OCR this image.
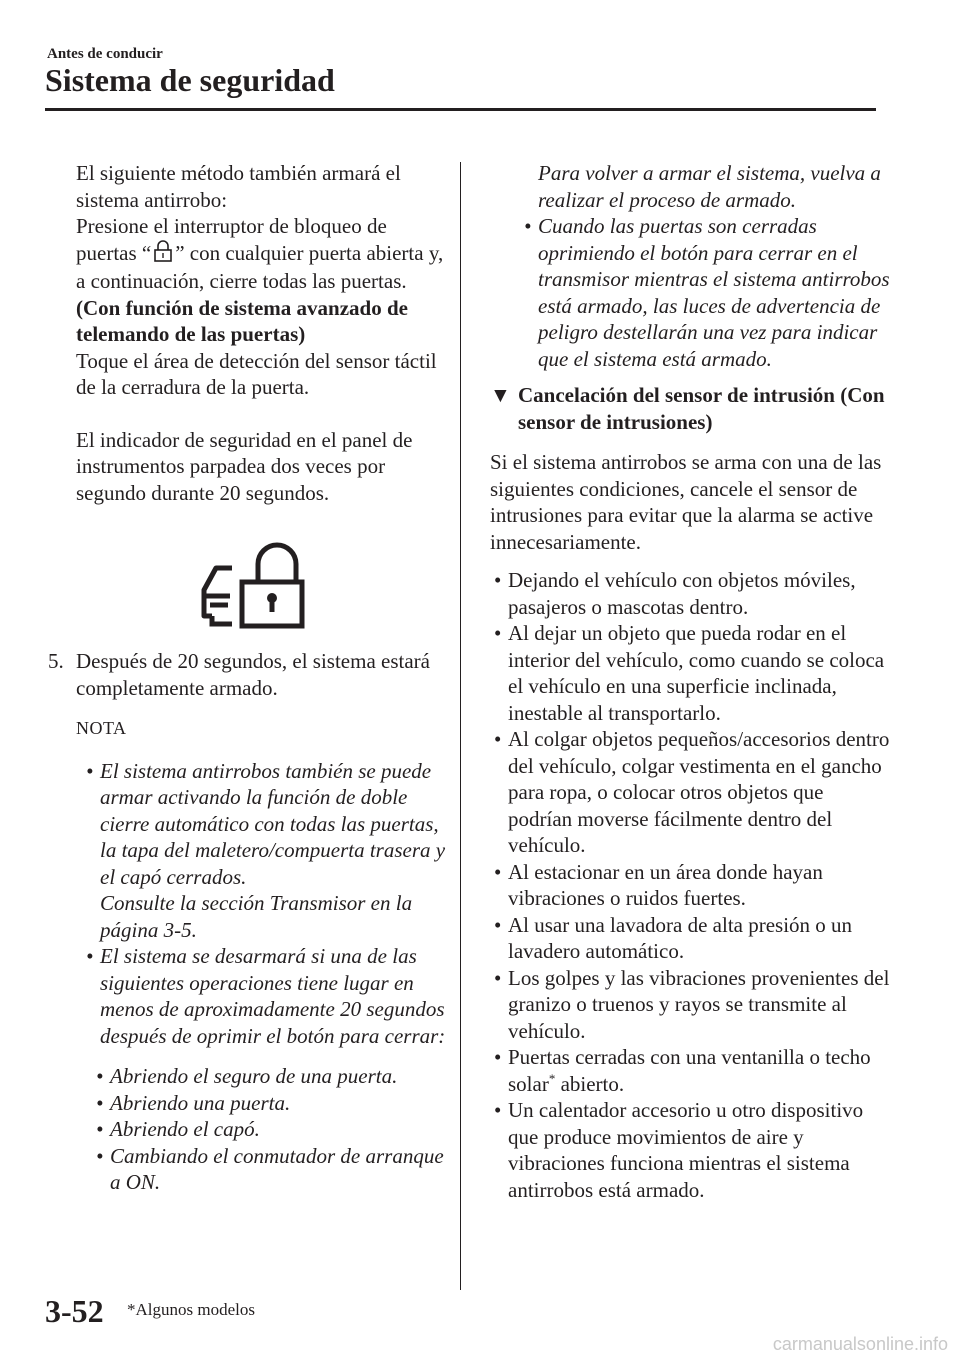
Antes de conducir
Sistema de seguridad

El siguiente método también armará el sistema antirrobo:

Presione el interruptor de bloqueo de puertas “ ” con cualquier puerta abierta y, a continuación, cierre todas las puertas.

(Con función de sistema avanzado de telemando de las puertas)

Toque el área de detección del sensor táctil de la cerradura de la puerta.

El indicador de seguridad en el panel de instrumentos parpadea dos veces por segundo durante 20 segundos.

5. Después de 20 segundos, el sistema estará completamente armado.

NOTA

• El sistema antirrobos también se puede armar activando la función de doble cierre automático con todas las puertas, la tapa del maletero/compuerta trasera y el capó cerrados.

Consulte la sección Transmisor en la página 3-5.

• El sistema se desarmará si una de las siguientes operaciones tiene lugar en menos de aproximadamente 20 segundos después de oprimir el botón para cerrar:

• Abriendo el seguro de una puerta.
• Abriendo una puerta.
• Abriendo el capó.
• Cambiando el conmutador de arranque a ON.

Para volver a armar el sistema, vuelva a realizar el proceso de armado.

• Cuando las puertas son cerradas oprimiendo el botón para cerrar en el transmisor mientras el sistema antirrobos está armado, las luces de advertencia de peligro destellarán una vez para indicar que el sistema está armado.

▼ Cancelación del sensor de intrusión (Con sensor de intrusiones)

Si el sistema antirrobos se arma con una de las siguientes condiciones, cancele el sensor de intrusiones para evitar que la alarma se active innecesariamente.

• Dejando el vehículo con objetos móviles, pasajeros o mascotas dentro.
• Al dejar un objeto que pueda rodar en el interior del vehículo, como cuando se coloca el vehículo en una superficie inclinada, inestable al transportarlo.
• Al colgar objetos pequeños/accesorios dentro del vehículo, colgar vestimenta en el gancho para ropa, o colocar otros objetos que podrían moverse fácilmente dentro del vehículo.
• Al estacionar en un área donde hayan vibraciones o ruidos fuertes.
• Al usar una lavadora de alta presión o un lavadero automático.
• Los golpes y las vibraciones provenientes del granizo o truenos y rayos se transmite al vehículo.
• Puertas cerradas con una ventanilla o techo solar* abierto.
• Un calentador accesorio u otro dispositivo que produce movimientos de aire y vibraciones funciona mientras el sistema antirrobos está armado.
3-52 *Algunos modelos
carmanualsonline.info
